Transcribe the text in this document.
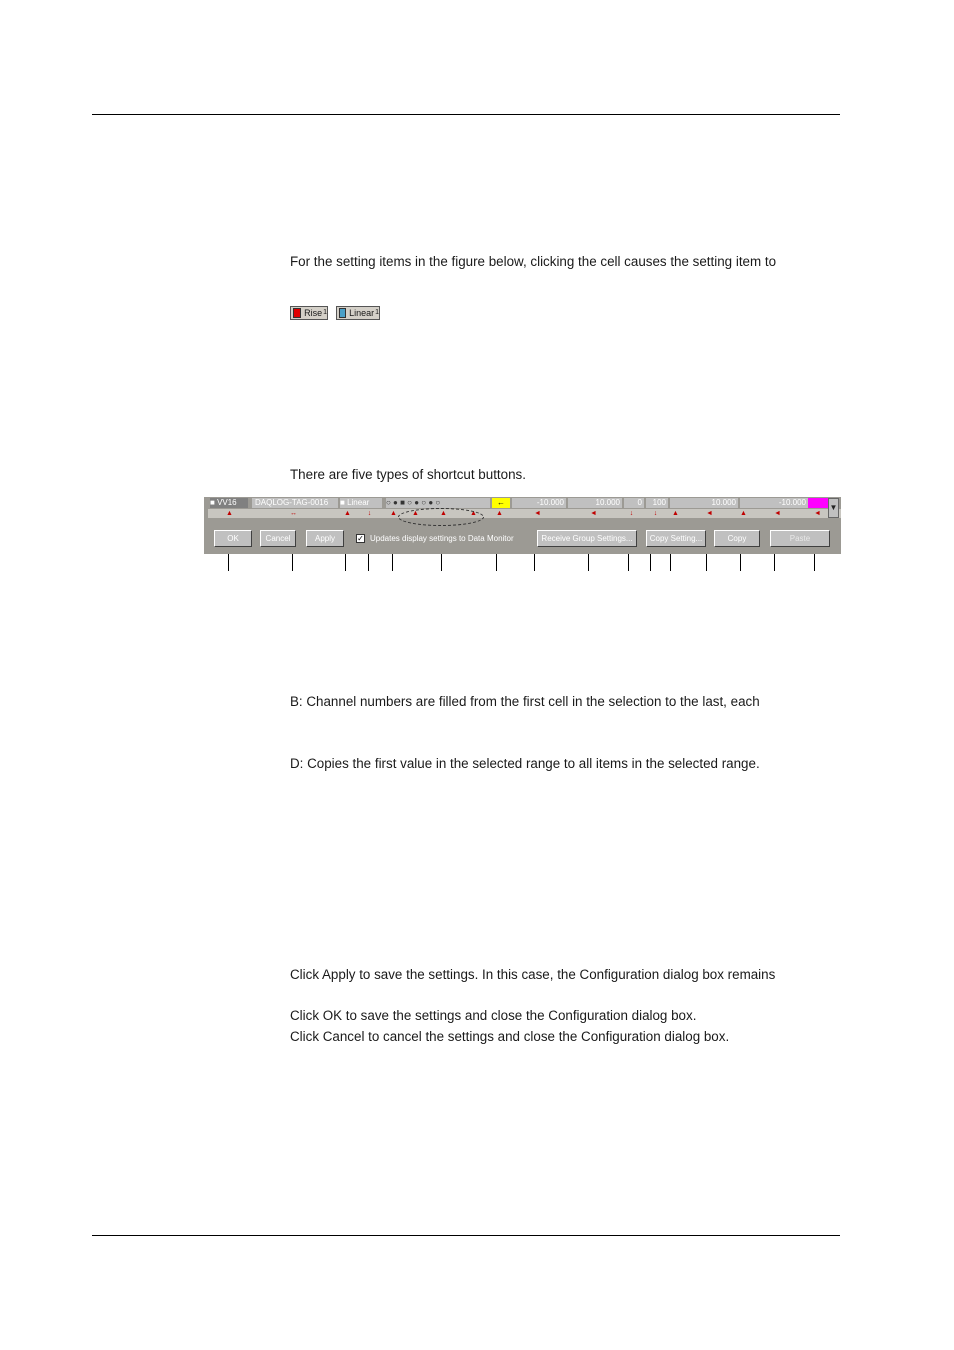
For the setting items in the figure below, clicking the cell causes the setting item to
Rise 1 Linear 1
There are five types of shortcut buttons.
■ VV16	DAQLOG-TAG-0016	■ Linear	○ ● ■ ○ ● ○ ● ○	←	-10.000	10.000	0	100	10.000	-10.000
▲	↔	▲ ↓	▲ ▲	▲	▲	▲	◄	◄	↓	↓ ▲	◄	▲	◄	◄
▼
OK	Cancel	Apply	✓ Updates display settings to Data Monitor	Receive Group Settings...	Copy Setting...	Copy	Paste
B: Channel numbers are filled from the first cell in the selection to the last, each
D: Copies the first value in the selected range to all items in the selected range.
Click Apply to save the settings. In this case, the Configuration dialog box remains
Click OK to save the settings and close the Configuration dialog box.
Click Cancel to cancel the settings and close the Configuration dialog box.
